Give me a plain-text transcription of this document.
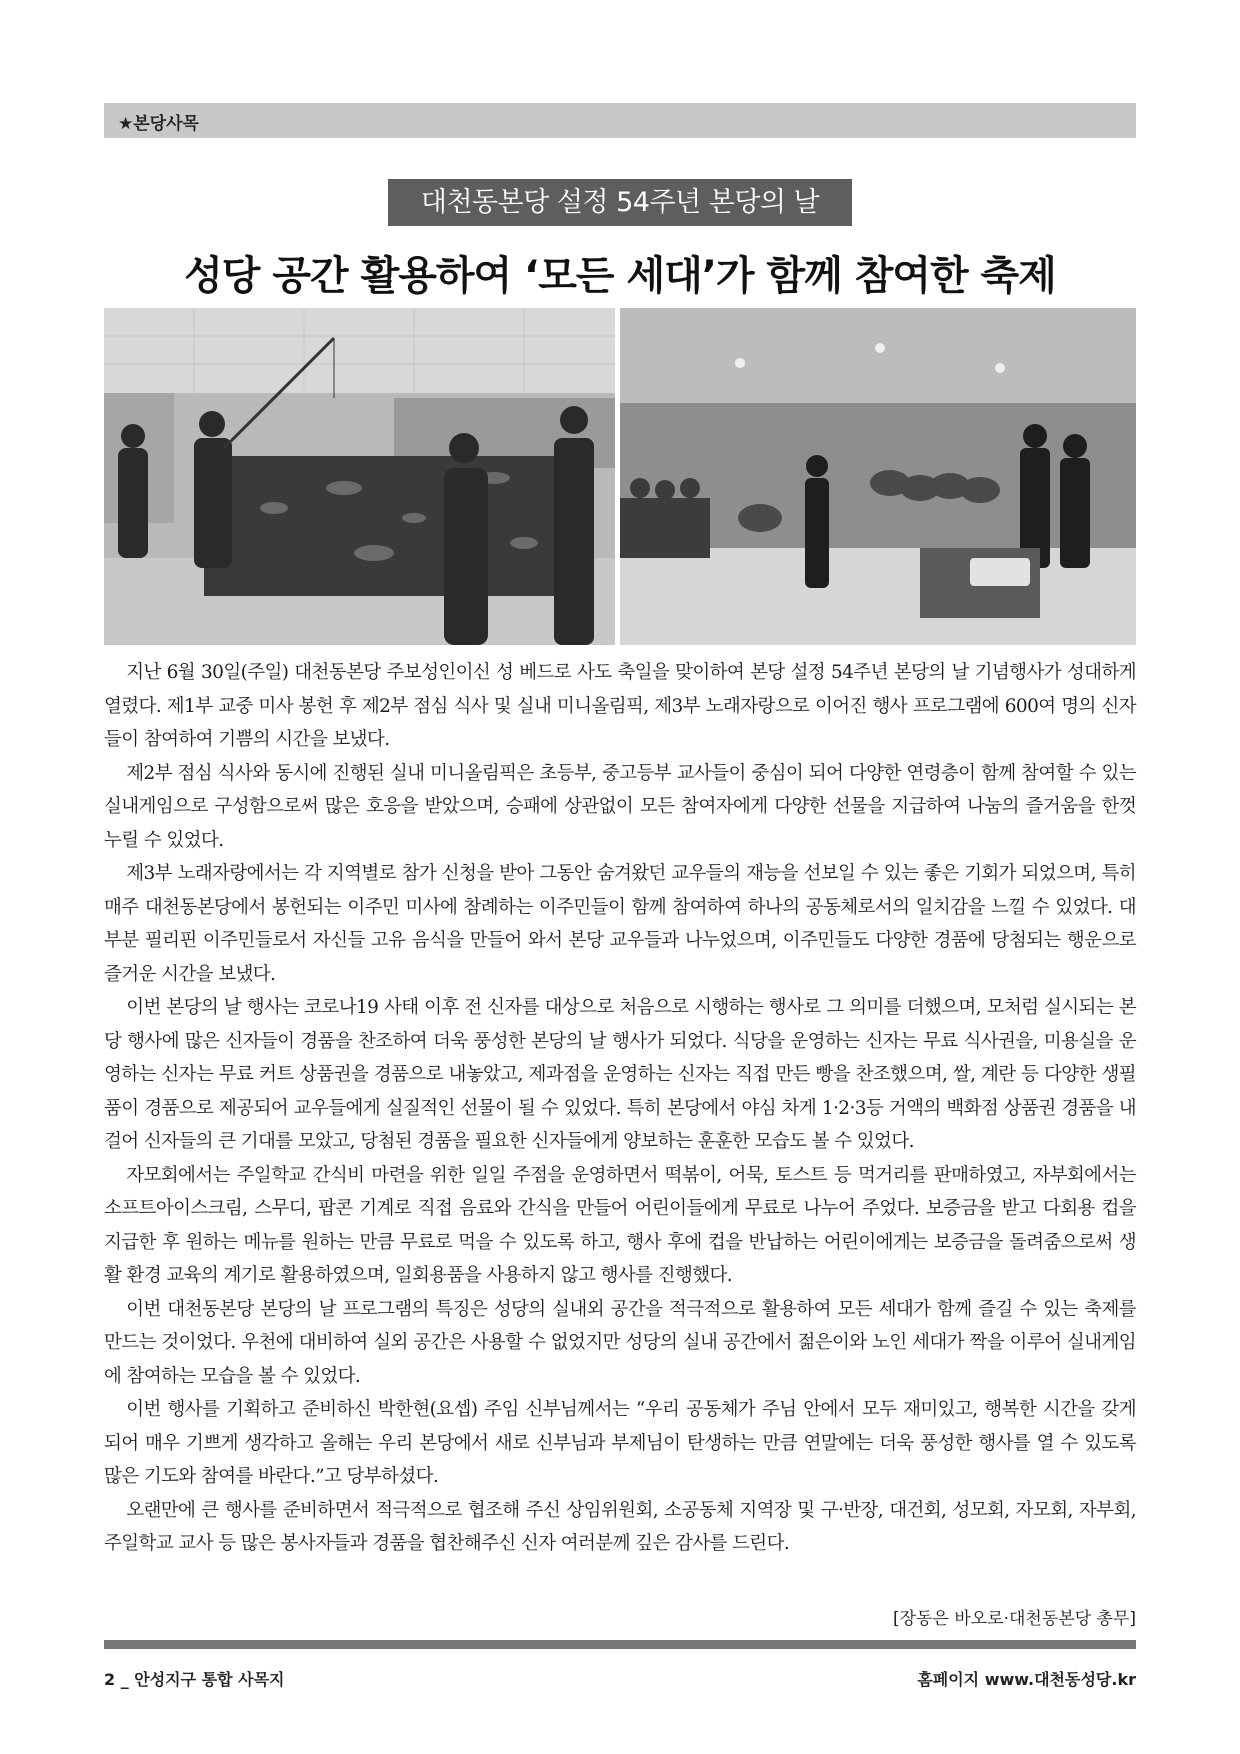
★본당사목
대천동본당 설정 54주년 본당의 날
성당 공간 활용하여 ‘모든 세대’가 함께 참여한 축제

지난 6월 30일(주일) 대천동본당 주보성인이신 성 베드로 사도 축일을 맞이하여 본당 설정 54주년 본당의 날 기념행사가 성대하게 열렸다. 제1부 교중 미사 봉헌 후 제2부 점심 식사 및 실내 미니올림픽, 제3부 노래자랑으로 이어진 행사 프로그램에 600여 명의 신자들이 참여하여 기쁨의 시간을 보냈다.

제2부 점심 식사와 동시에 진행된 실내 미니올림픽은 초등부, 중고등부 교사들이 중심이 되어 다양한 연령층이 함께 참여할 수 있는 실내게임으로 구성함으로써 많은 호응을 받았으며, 승패에 상관없이 모든 참여자에게 다양한 선물을 지급하여 나눔의 즐거움을 한껏 누릴 수 있었다.

제3부 노래자랑에서는 각 지역별로 참가 신청을 받아 그동안 숨겨왔던 교우들의 재능을 선보일 수 있는 좋은 기회가 되었으며, 특히 매주 대천동본당에서 봉헌되는 이주민 미사에 참례하는 이주민들이 함께 참여하여 하나의 공동체로서의 일치감을 느낄 수 있었다. 대부분 필리핀 이주민들로서 자신들 고유 음식을 만들어 와서 본당 교우들과 나누었으며, 이주민들도 다양한 경품에 당첨되는 행운으로 즐거운 시간을 보냈다.

이번 본당의 날 행사는 코로나19 사태 이후 전 신자를 대상으로 처음으로 시행하는 행사로 그 의미를 더했으며, 모처럼 실시되는 본당 행사에 많은 신자들이 경품을 찬조하여 더욱 풍성한 본당의 날 행사가 되었다. 식당을 운영하는 신자는 무료 식사권을, 미용실을 운영하는 신자는 무료 커트 상품권을 경품으로 내놓았고, 제과점을 운영하는 신자는 직접 만든 빵을 찬조했으며, 쌀, 계란 등 다양한 생필품이 경품으로 제공되어 교우들에게 실질적인 선물이 될 수 있었다. 특히 본당에서 야심 차게 1·2·3등 거액의 백화점 상품권 경품을 내걸어 신자들의 큰 기대를 모았고, 당첨된 경품을 필요한 신자들에게 양보하는 훈훈한 모습도 볼 수 있었다.

자모회에서는 주일학교 간식비 마련을 위한 일일 주점을 운영하면서 떡볶이, 어묵, 토스트 등 먹거리를 판매하였고, 자부회에서는 소프트아이스크림, 스무디, 팝콘 기계로 직접 음료와 간식을 만들어 어린이들에게 무료로 나누어 주었다. 보증금을 받고 다회용 컵을 지급한 후 원하는 메뉴를 원하는 만큼 무료로 먹을 수 있도록 하고, 행사 후에 컵을 반납하는 어린이에게는 보증금을 돌려줌으로써 생활 환경 교육의 계기로 활용하였으며, 일회용품을 사용하지 않고 행사를 진행했다.

이번 대천동본당 본당의 날 프로그램의 특징은 성당의 실내외 공간을 적극적으로 활용하여 모든 세대가 함께 즐길 수 있는 축제를 만드는 것이었다. 우천에 대비하여 실외 공간은 사용할 수 없었지만 성당의 실내 공간에서 젊은이와 노인 세대가 짝을 이루어 실내게임에 참여하는 모습을 볼 수 있었다.

이번 행사를 기획하고 준비하신 박한현(요셉) 주임 신부님께서는 “우리 공동체가 주님 안에서 모두 재미있고, 행복한 시간을 갖게 되어 매우 기쁘게 생각하고 올해는 우리 본당에서 새로 신부님과 부제님이 탄생하는 만큼 연말에는 더욱 풍성한 행사를 열 수 있도록 많은 기도와 참여를 바란다.”고 당부하셨다.

오랜만에 큰 행사를 준비하면서 적극적으로 협조해 주신 상임위원회, 소공동체 지역장 및 구·반장, 대건회, 성모회, 자모회, 자부회, 주일학교 교사 등 많은 봉사자들과 경품을 협찬해주신 신자 여러분께 깊은 감사를 드린다.

[장동은 바오로·대천동본당 총무]
2 _ 안성지구 통합 사목지	홈페이지 www.대천동성당.kr
